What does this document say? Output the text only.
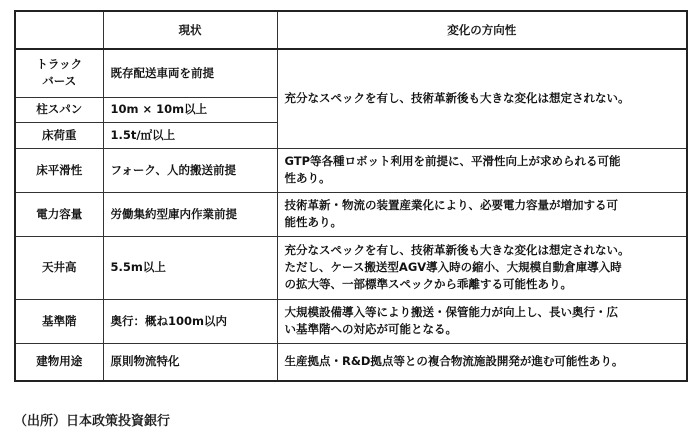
	現状	変化の方向性

トラック
バース	既存配送車両を前提	充分なスペックを有し、技術革新後も大きな変化は想定されない。

柱スパン	10m × 10m以上	
床荷重	1.5t/㎡以上	
床平滑性	フォーク、人的搬送前提	GTP等各種ロボット利用を前提に、平滑性向上が求められる可能
性あり。

電力容量	労働集約型庫内作業前提	技術革新・物流の装置産業化により、必要電力容量が増加する可
能性あり。

天井高	5.5m以上	充分なスペックを有し、技術革新後も大きな変化は想定されない。
ただし、ケース搬送型AGV導入時の縮小、大規模自動倉庫導入時
の拡大等、一部標準スペックから乖離する可能性あり。

基準階	奥行：概ね100m以内	大規模設備導入等により搬送・保管能力が向上し、長い奥行・広
い基準階への対応が可能となる。

建物用途	原則物流特化	生産拠点・R&D拠点等との複合物流施設開発が進む可能性あり。
（出所）日本政策投資銀行
